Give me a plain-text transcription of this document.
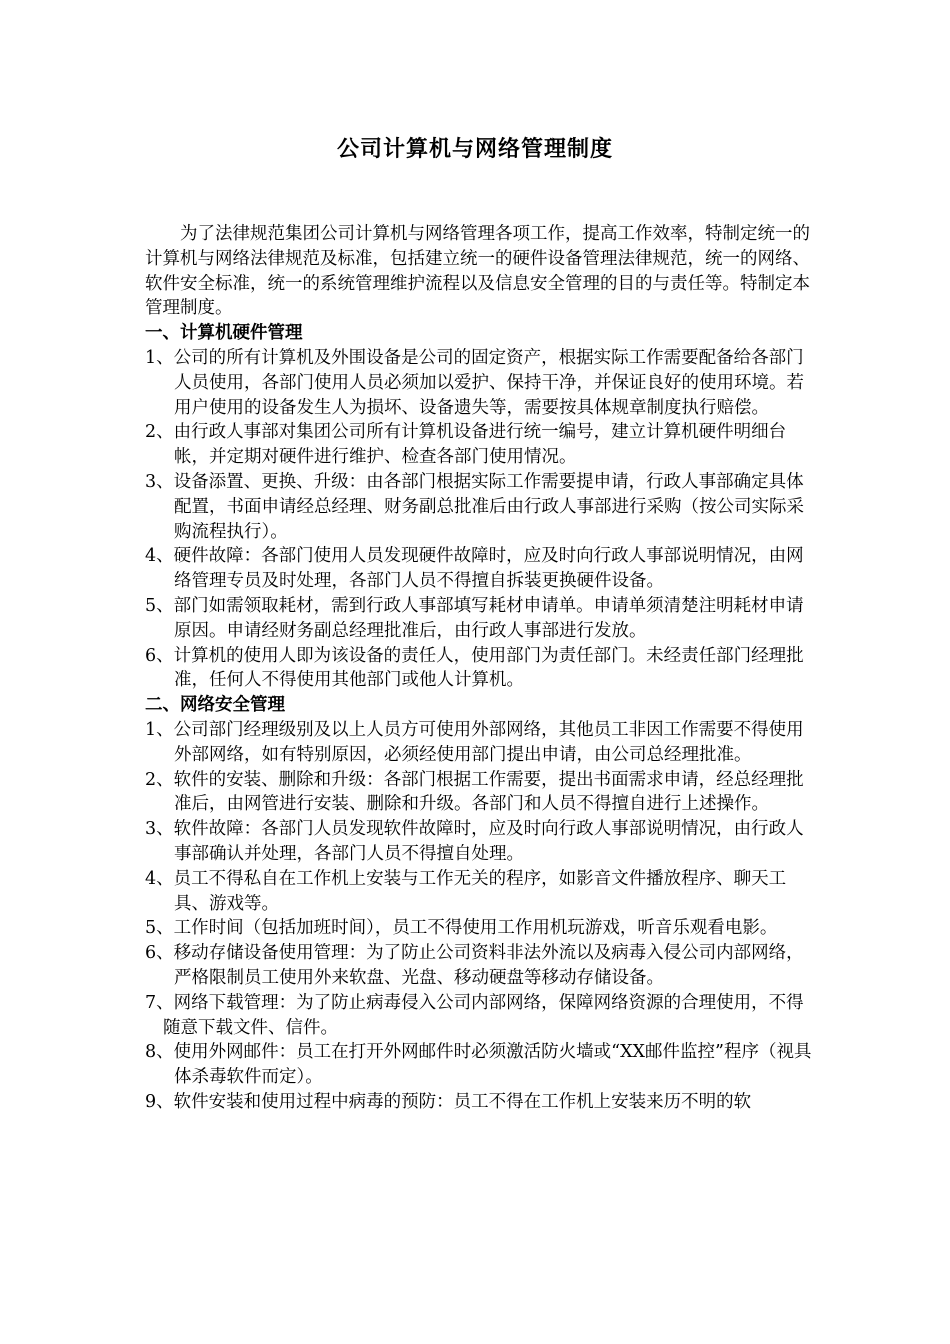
公司计算机与网络管理制度

为了法律规范集团公司计算机与网络管理各项工作，提高工作效率，特制定统一的计算机与网络法律规范及标准，包括建立统一的硬件设备管理法律规范，统一的网络、软件安全标准，统一的系统管理维护流程以及信息安全管理的目的与责任等。特制定本管理制度。

一、计算机硬件管理

1、公司的所有计算机及外围设备是公司的固定资产，根据实际工作需要配备给各部门人员使用，各部门使用人员必须加以爱护、保持干净，并保证良好的使用环境。若用户使用的设备发生人为损坏、设备遗失等，需要按具体规章制度执行赔偿。

2、由行政人事部对集团公司所有计算机设备进行统一编号，建立计算机硬件明细台帐，并定期对硬件进行维护、检查各部门使用情况。

3、设备添置、更换、升级：由各部门根据实际工作需要提申请，行政人事部确定具体配置，书面申请经总经理、财务副总批准后由行政人事部进行采购（按公司实际采购流程执行）。

4、硬件故障：各部门使用人员发现硬件故障时，应及时向行政人事部说明情况，由网络管理专员及时处理，各部门人员不得擅自拆装更换硬件设备。

5、部门如需领取耗材，需到行政人事部填写耗材申请单。申请单须清楚注明耗材申请原因。申请经财务副总经理批准后，由行政人事部进行发放。

6、计算机的使用人即为该设备的责任人，使用部门为责任部门。未经责任部门经理批准，任何人不得使用其他部门或他人计算机。

二、网络安全管理

1、公司部门经理级别及以上人员方可使用外部网络，其他员工非因工作需要不得使用外部网络，如有特别原因，必须经使用部门提出申请，由公司总经理批准。

2、软件的安装、删除和升级：各部门根据工作需要，提出书面需求申请，经总经理批准后，由网管进行安装、删除和升级。各部门和人员不得擅自进行上述操作。

3、软件故障：各部门人员发现软件故障时，应及时向行政人事部说明情况，由行政人事部确认并处理，各部门人员不得擅自处理。

4、员工不得私自在工作机上安装与工作无关的程序，如影音文件播放程序、聊天工具、游戏等。

5、工作时间（包括加班时间），员工不得使用工作用机玩游戏，听音乐观看电影。

6、移动存储设备使用管理：为了防止公司资料非法外流以及病毒入侵公司内部网络，严格限制员工使用外来软盘、光盘、移动硬盘等移动存储设备。

7、网络下载管理：为了防止病毒侵入公司内部网络，保障网络资源的合理使用，不得随意下载文件、信件。

8、使用外网邮件：员工在打开外网邮件时必须激活防火墙或“XX邮件监控”程序（视具体杀毒软件而定）。

9、软件安装和使用过程中病毒的预防：员工不得在工作机上安装来历不明的软
